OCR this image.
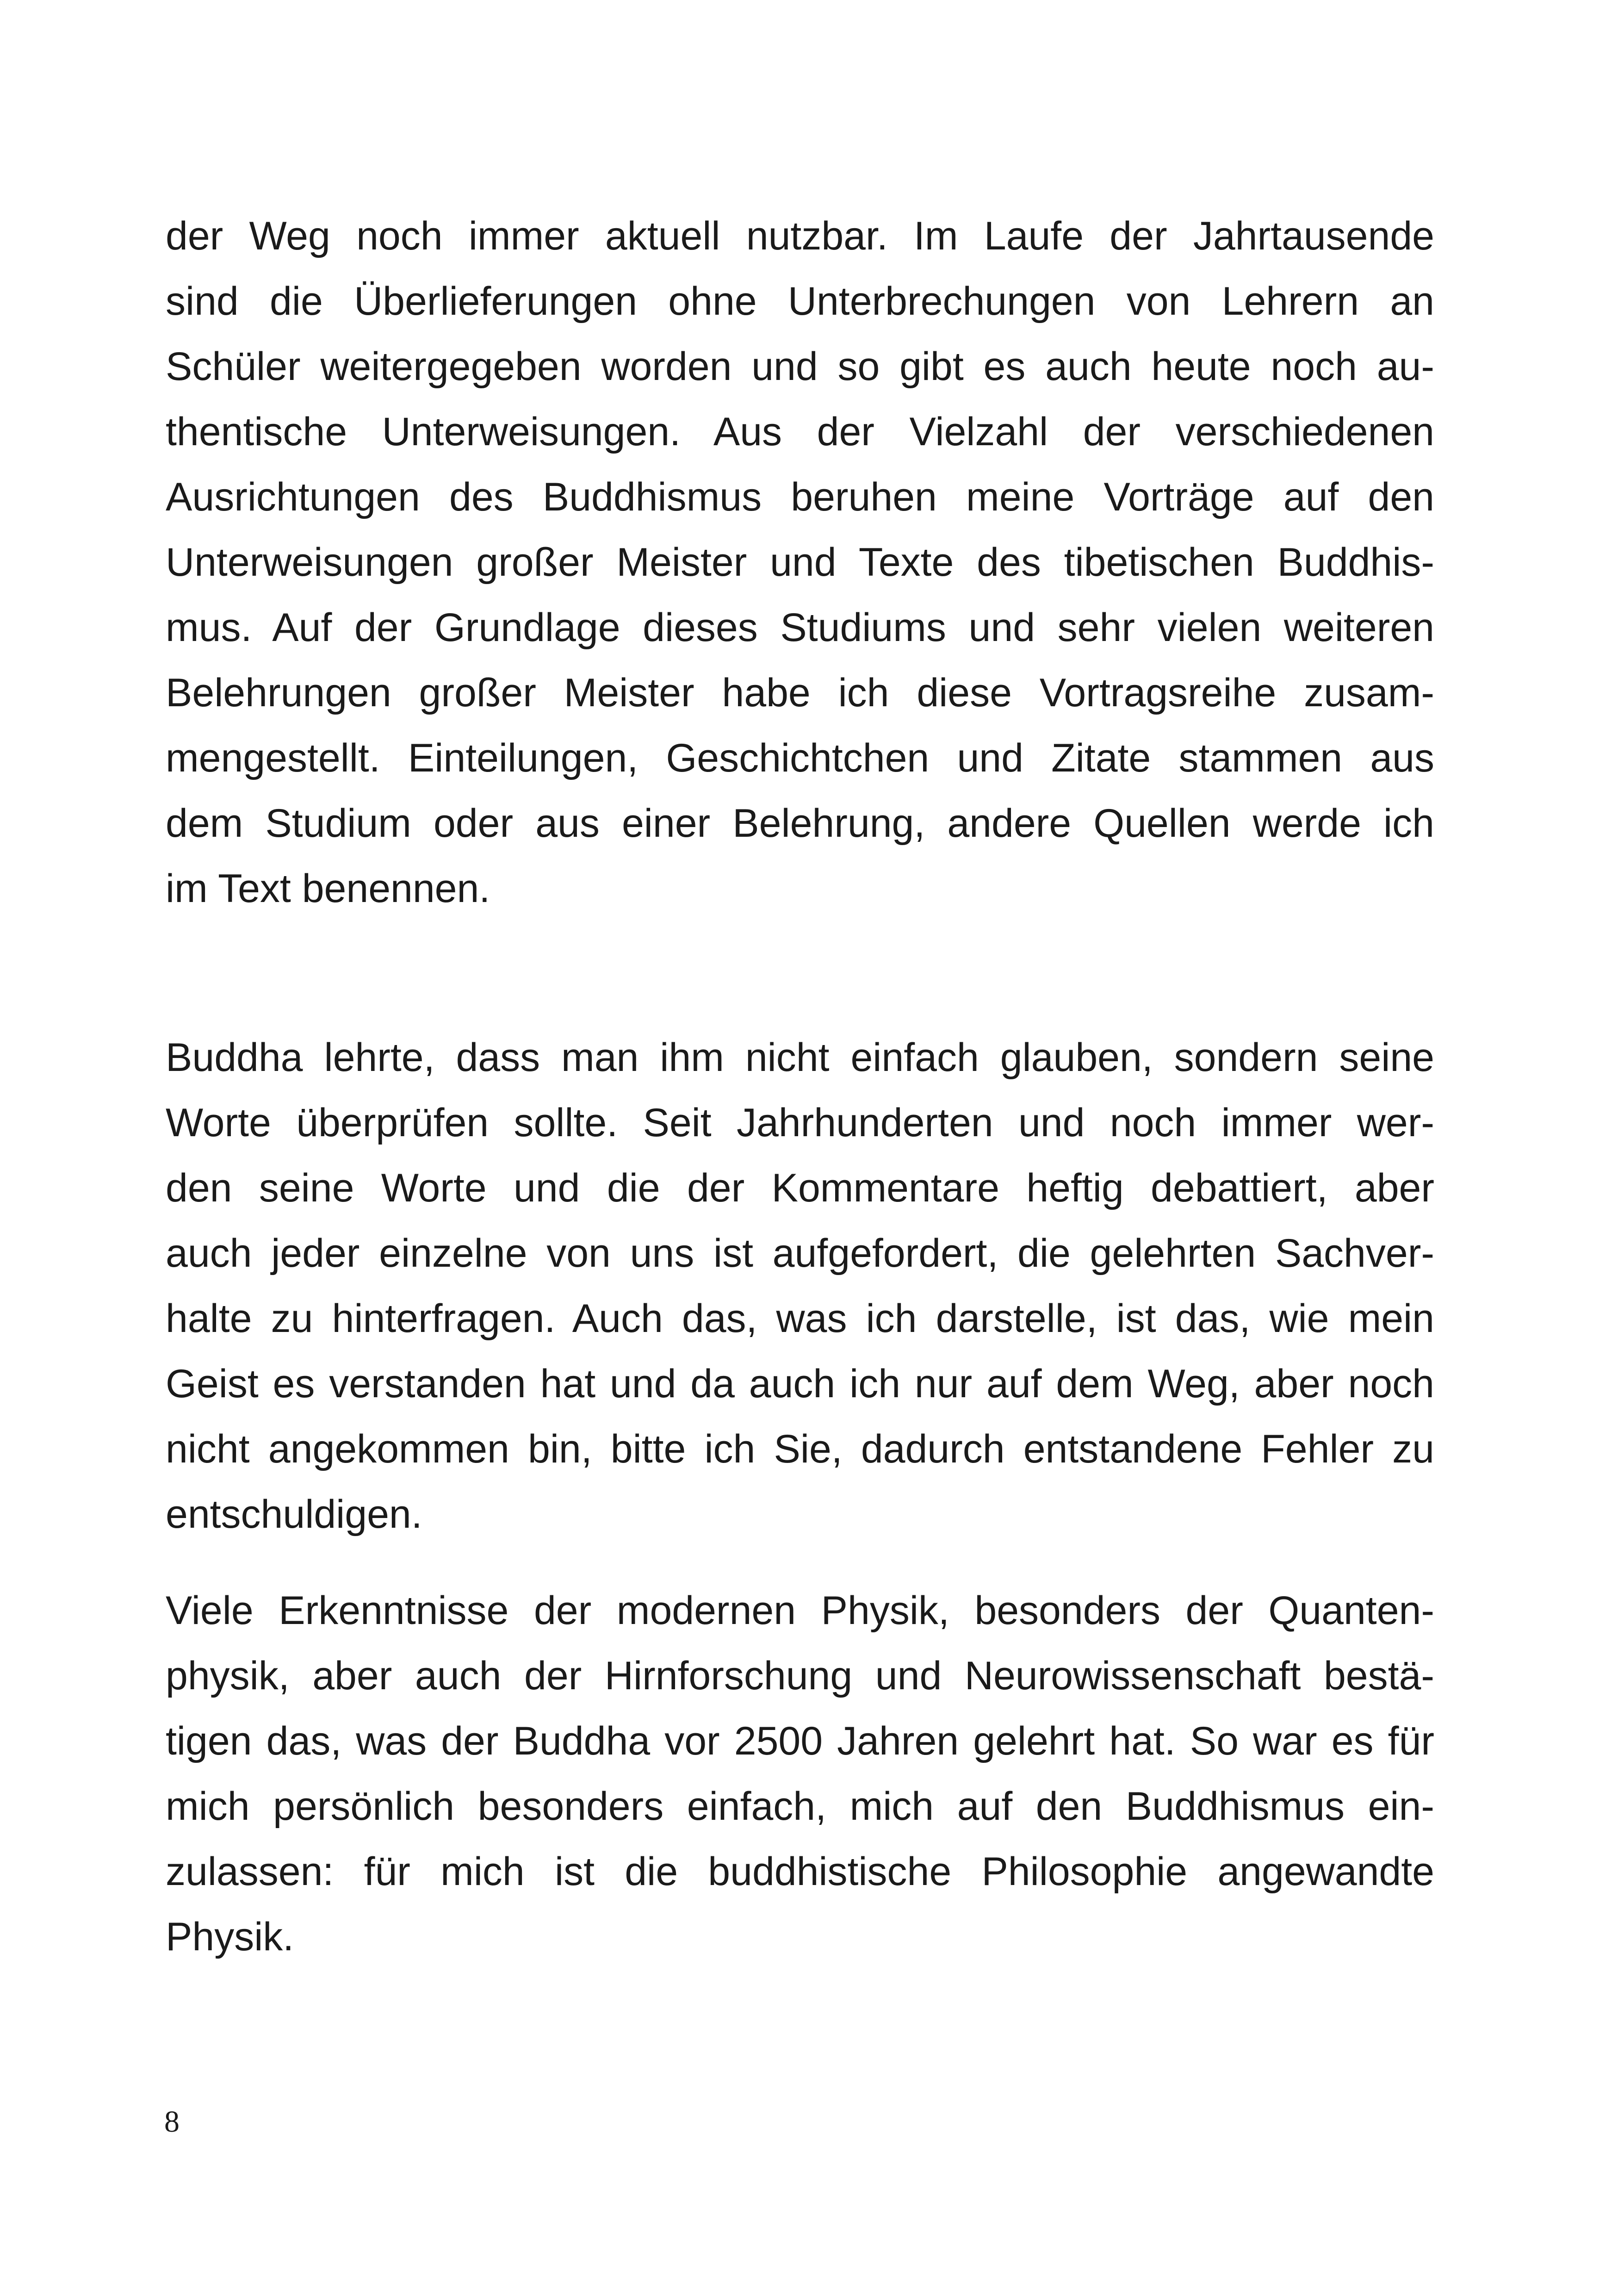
der Weg noch immer aktuell nutzbar. Im Laufe der Jahrtausende
sind die Überlieferungen ohne Unterbrechungen von Lehrern an
Schüler weitergegeben worden und so gibt es auch heute noch au-
thentische Unterweisungen. Aus der Vielzahl der verschiedenen
Ausrichtungen des Buddhismus beruhen meine Vorträge auf den
Unterweisungen großer Meister und Texte des tibetischen Buddhis-
mus. Auf der Grundlage dieses Studiums und sehr vielen weiteren
Belehrungen großer Meister habe ich diese Vortragsreihe zusam-
mengestellt. Einteilungen, Geschichtchen und Zitate stammen aus
dem Studium oder aus einer Belehrung, andere Quellen werde ich
im Text benennen.
Buddha lehrte, dass man ihm nicht einfach glauben, sondern seine
Worte überprüfen sollte. Seit Jahrhunderten und noch immer wer-
den seine Worte und die der Kommentare heftig debattiert, aber
auch jeder einzelne von uns ist aufgefordert, die gelehrten Sachver-
halte zu hinterfragen. Auch das, was ich darstelle, ist das, wie mein
Geist es verstanden hat und da auch ich nur auf dem Weg, aber noch
nicht angekommen bin, bitte ich Sie, dadurch entstandene Fehler zu
entschuldigen.
Viele Erkenntnisse der modernen Physik, besonders der Quanten-
physik, aber auch der Hirnforschung und Neurowissenschaft bestä-
tigen das, was der Buddha vor 2500 Jahren gelehrt hat. So war es für
mich persönlich besonders einfach, mich auf den Buddhismus ein-
zulassen: für mich ist die buddhistische Philosophie angewandte
Physik.
8
